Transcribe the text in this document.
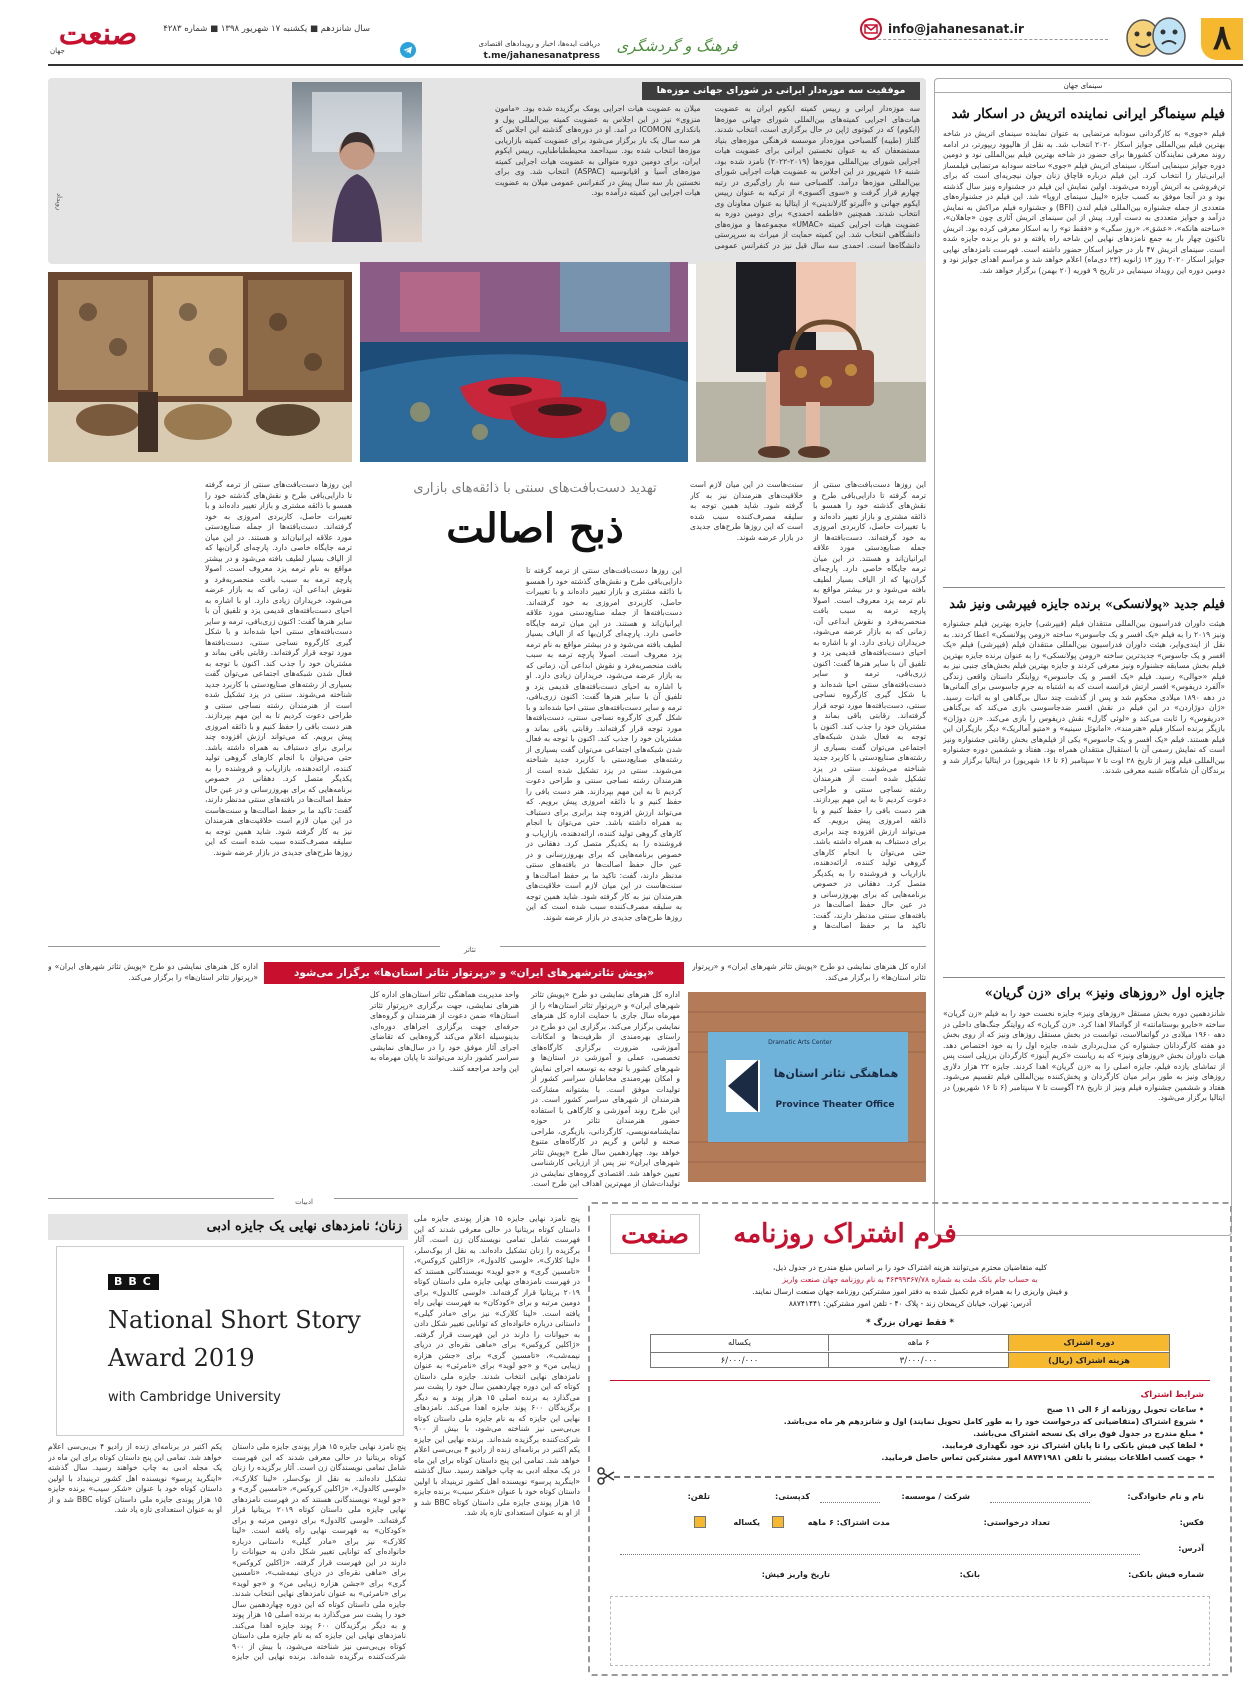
۸
info@jahanesanat.ir
فرهنگ و گردشگری
دریافت ایده‌ها، اخبار و رویدادهای اقتصادی
t.me/jahanesanatpress
سال شانزدهم ■ یکشنبه ۱۷ شهریور ۱۳۹۸ ■ شماره ۴۲۸۳
صنعت
جهان
سینمای جهان
فیلم سینماگر ایرانی نماینده اتریش در اسکار شد
فیلم «جوی» به کارگردانی سودابه مرتضایی به عنوان نماینده سینمای اتریش در شاخه بهترین فیلم بین‌المللی جوایز اسکار ۲۰۲۰ انتخاب شد. به نقل از هالیوود ریپورتر، در ادامه روند معرفی نمایندگان کشورها برای حضور در شاخه بهترین فیلم بین‌المللی نود و دومین دوره جوایز سینمایی اسکار، سینمای اتریش فیلم «جوی» ساخته سودابه مرتضایی فیلمساز ایرانی‌تبار را انتخاب کرد. این فیلم درباره قاچاق زنان جوان نیجریه‌ای است که برای تن‌فروشی به اتریش آورده می‌شوند. اولین نمایش این فیلم در جشنواره ونیز سال گذشته بود و در آنجا موفق به کسب جایزه «لیبل سینمای اروپا» شد. این فیلم در جشنواره‌های متعددی از جمله جشنواره بین‌المللی فیلم لندن (BFI) و جشنواره فیلم مراکش به نمایش درآمد و جوایز متعددی به دست آورد. پیش از این سینمای اتریش آثاری چون «جاهلان»، «ساخته هانکه»، «عشق»، «روز سگی» و «فقط تو» را به اسکار معرفی کرده بود. اتریش تاکنون چهار بار به جمع نامزدهای نهایی این شاخه راه یافته و دو بار برنده جایزه شده است. سینمای اتریش ۴۷ بار در جوایز اسکار حضور داشته است. فهرست نامزدهای نهایی جوایز اسکار ۲۰۲۰ روز ۱۳ ژانویه (۲۳ دی‌ماه) اعلام خواهد شد و مراسم اهدای جوایز نود و دومین دوره این رویداد سینمایی در تاریخ ۹ فوریه (۲۰ بهمن) برگزار خواهد شد.
فیلم جدید «پولانسکی» برنده جایزه فیپرشی ونیز شد
هیئت داوران فدراسیون بین‌المللی منتقدان فیلم (فیپرشی) جایزه بهترین فیلم جشنواره ونیز ۲۰۱۹ را به فیلم «یک افسر و یک جاسوس» ساخته «رومن پولانسکی» اعطا کردند. به نقل از ایندی‌وایر، هیئت داوران فدراسیون بین‌المللی منتقدان فیلم (فیپرشی) فیلم «یک افسر و یک جاسوس» جدیدترین ساخته «رومن پولانسکی» را به عنوان برنده جایزه بهترین فیلم بخش مسابقه جشنواره ونیز معرفی کردند و جایزه بهترین فیلم بخش‌های جنبی نیز به فیلم «حوالی» رسید. فیلم «یک افسر و یک جاسوس» روایتگر داستان واقعی زندگی «آلفرد دریفوس» افسر ارتش فرانسه است که به اشتباه به جرم جاسوسی برای آلمانی‌ها در دهه ۱۸۹۰ میلادی محکوم شد و پس از گذشت چند سال بی‌گناهی او به اثبات رسید. «ژان دوژاردن» در این فیلم در نقش افسر ضدجاسوسی بازی می‌کند که بی‌گناهی «دریفوس» را ثابت می‌کند و «لوئی گارل» نقش دریفوس را بازی می‌کند. «زن دوژان» بازیگر برنده اسکار فیلم «هنرمند»، «امانوئل سینیه» و «متیو آمالریک» دیگر بازیگران این فیلم هستند. فیلم «یک افسر و یک جاسوس» یکی از فیلم‌های بخش رقابتی جشنواره ونیز است که نمایش رسمی آن با استقبال منتقدان همراه بود. هفتاد و ششمین دوره جشنواره بین‌المللی فیلم ونیز از تاریخ ۲۸ اوت تا ۷ سپتامبر (۶ تا ۱۶ شهریور) در ایتالیا برگزار شد و برندگان آن شامگاه شنبه معرفی شدند.
جایزه اول «روزهای ونیز» برای «زن گریان»
شانزدهمین دوره بخش مستقل «روزهای ونیز» جایزه نخست خود را به فیلم «زن گریان» ساخته «خایرو بوستامانته» از گواتمالا اهدا کرد. «زن گریان» که روایتگر جنگ‌های داخلی در دهه ۱۹۶۰ میلادی در گواتمالاست، توانست در بخش مستقل روزهای ونیز که از روی بخش دو هفته کارگردانان جشنواره کن مدل‌برداری شده، جایزه اول را به خود اختصاص دهد. هیات داوران بخش «روزهای ونیز» که به ریاست «کریم آینوز» کارگردان برزیلی است پس از تماشای یازده فیلم، جایزه اصلی را به «زن گریان» اهدا کردند. جایزه ۲۲ هزار دلاری روزهای ونیز به طور برابر میان کارگردان و پخش‌کننده بین‌المللی فیلم تقسیم می‌شود. هفتاد و ششمین جشنواره فیلم ونیز از تاریخ ۲۸ آگوست تا ۷ سپتامبر (۶ تا ۱۶ شهریور) در ایتالیا برگزار می‌شود.
موفقیت سه موزه‌دار ایرانی در شورای جهانی موزه‌ها
سه موزه‌دار ایرانی و رییس کمیته ایکوم ایران به عضویت هیات‌های اجرایی کمیته‌های بین‌المللی شورای جهانی موزه‌ها (ایکوم) که در کیوتوی ژاپن در حال برگزاری است، انتخاب شدند. گلناز (طیبه) گلصباحی موزه‌دار موسسه فرهنگی موزه‌های بنیاد مستضعفان که به عنوان نخستین ایرانی برای عضویت هیات اجرایی شورای بین‌المللی موزه‌ها (۲۰۱۹-۲۰۲۲) نامزد شده بود، شنبه ۱۶ شهریور در این اجلاس به عضویت هیات اجرایی شورای بین‌المللی موزه‌ها درآمد. گلصباحی سه بار رای‌گیری در رتبه چهارم قرار گرفت و «سوی آکسوی» از ترکیه به عنوان رییس ایکوم جهانی و «آلبرتو گارلاندینی» از ایتالیا به عنوان معاونان وی انتخاب شدند. همچنین «فاطمه احمدی» برای دومین دوره به عضویت هیات اجرایی کمیته «UMAC» مجموعه‌ها و موزه‌های دانشگاهی انتخاب شد. این کمیته حمایت از میراث به سرپرستی دانشگاه‌ها است. احمدی سه سال قبل نیز در کنفرانس عمومی میلان به عضویت هیات اجرایی یومک برگزیده شده بود. «مامون منزوی» نیز در این اجلاس به عضویت کمیته بین‌المللی پول و بانکداری ICOMON در آمد. او در دوره‌های گذشته این اجلاس که هر سه سال یک بار برگزار می‌شود برای عضویت کمیته بازاریابی موزه‌ها انتخاب شده بود. سیداحمد محیططباطبایی، رییس ایکوم ایران، برای دومین دوره متوالی به عضویت هیات اجرایی کمیته موزه‌های آسیا و اقیانوسیه (ASPAC) انتخاب شد. وی برای نخستین بار سه سال پیش در کنفرانس عمومی میلان به عضویت هیات اجرایی این کمیته درآمده بود.
رویداد
تهدید دست‌بافت‌های سنتی با ذائقه‌های بازاری
ذبح اصالت
این روزها دست‌بافت‌های سنتی از ترمه گرفته تا دارایی‌بافی طرح و نقش‌های گذشته خود را همسو با ذائقه مشتری و بازار تغییر داده‌اند و با تغییرات حاصل، کاربردی امروزی به خود گرفته‌اند. دست‌بافته‌ها از جمله صنایع‌دستی مورد علاقه ایرانیان‌اند و هستند. در این میان ترمه جایگاه خاصی دارد. پارچه‌ای گران‌بها که از الیاف بسیار لطیف بافته می‌شود و در بیشتر مواقع به نام ترمه یزد معروف است. اصولا پارچه ترمه به سبب بافت منحصربه‌فرد و نقوش ابداعی آن، زمانی که به بازار عرضه می‌شود، خریداران زیادی دارد. او با اشاره به احیای دست‌بافته‌های قدیمی یزد و تلفیق آن با سایر هنرها گفت: اکنون زری‌بافی، ترمه و سایر دست‌بافته‌های سنتی احیا شده‌اند و با شکل گیری کارگروه نساجی سنتی، دست‌بافته‌ها مورد توجه قرار گرفته‌اند. رقابتی باقی بماند و مشتریان خود را جذب کند. اکنون با توجه به فعال شدن شبکه‌های اجتماعی می‌توان گفت بسیاری از رشته‌های صنایع‌دستی با کاربرد جدید شناخته می‌شوند. سنتی در یزد تشکیل شده است از هنرمندان رشته نساجی سنتی و طراحی دعوت کردیم تا به این مهم بپردازند. هنر دست بافی را حفظ کنیم و با ذائقه امروزی پیش برویم. که می‌تواند ارزش افزوده چند برابری برای دستباف به همراه داشته باشد. حتی می‌توان با انجام کارهای گروهی تولید کننده، ارائه‌دهنده، بازاریاب و فروشنده را به یکدیگر متصل کرد. دهقانی در خصوص برنامه‌هایی که برای بهروزرسانی و در عین حال حفظ اصالت‌ها در بافته‌های سنتی مدنظر دارند، گفت: تاکید ما بر حفظ اصالت‌ها و سنت‌هاست در این میان لازم است خلاقیت‌های هنرمندان نیز به کار گرفته شود. شاید همین توجه به سلیقه مصرف‌کننده سبب شده است که این روزها طرح‌های جدیدی در بازار عرضه شوند.
این روزها دست‌بافت‌های سنتی از ترمه گرفته تا دارایی‌بافی طرح و نقش‌های گذشته خود را همسو با ذائقه مشتری و بازار تغییر داده‌اند و با تغییرات حاصل، کاربردی امروزی به خود گرفته‌اند. دست‌بافته‌ها از جمله صنایع‌دستی مورد علاقه ایرانیان‌اند و هستند. در این میان ترمه جایگاه خاصی دارد. پارچه‌ای گران‌بها که از الیاف بسیار لطیف بافته می‌شود و در بیشتر مواقع به نام ترمه یزد معروف است. اصولا پارچه ترمه به سبب بافت منحصربه‌فرد و نقوش ابداعی آن، زمانی که به بازار عرضه می‌شود، خریداران زیادی دارد. او با اشاره به احیای دست‌بافته‌های قدیمی یزد و تلفیق آن با سایر هنرها گفت: اکنون زری‌بافی، ترمه و سایر دست‌بافته‌های سنتی احیا شده‌اند و با شکل گیری کارگروه نساجی سنتی، دست‌بافته‌ها مورد توجه قرار گرفته‌اند. رقابتی باقی بماند و مشتریان خود را جذب کند. اکنون با توجه به فعال شدن شبکه‌های اجتماعی می‌توان گفت بسیاری از رشته‌های صنایع‌دستی با کاربرد جدید شناخته می‌شوند. سنتی در یزد تشکیل شده است از هنرمندان رشته نساجی سنتی و طراحی دعوت کردیم تا به این مهم بپردازند. هنر دست بافی را حفظ کنیم و با ذائقه امروزی پیش برویم. که می‌تواند ارزش افزوده چند برابری برای دستباف به همراه داشته باشد. حتی می‌توان با انجام کارهای گروهی تولید کننده، ارائه‌دهنده، بازاریاب و فروشنده را به یکدیگر متصل کرد. دهقانی در خصوص برنامه‌هایی که برای بهروزرسانی و در عین حال حفظ اصالت‌ها در بافته‌های سنتی مدنظر دارند، گفت: تاکید ما بر حفظ اصالت‌ها و سنت‌هاست در این میان لازم است خلاقیت‌های هنرمندان نیز به کار گرفته شود. شاید همین توجه به سلیقه مصرف‌کننده سبب شده است که این روزها طرح‌های جدیدی در بازار عرضه شوند.
این روزها دست‌بافت‌های سنتی از ترمه گرفته تا دارایی‌بافی طرح و نقش‌های گذشته خود را همسو با ذائقه مشتری و بازار تغییر داده‌اند و با تغییرات حاصل، کاربردی امروزی به خود گرفته‌اند. دست‌بافته‌ها از جمله صنایع‌دستی مورد علاقه ایرانیان‌اند و هستند. در این میان ترمه جایگاه خاصی دارد. پارچه‌ای گران‌بها که از الیاف بسیار لطیف بافته می‌شود و در بیشتر مواقع به نام ترمه یزد معروف است. اصولا پارچه ترمه به سبب بافت منحصربه‌فرد و نقوش ابداعی آن، زمانی که به بازار عرضه می‌شود، خریداران زیادی دارد. او با اشاره به احیای دست‌بافته‌های قدیمی یزد و تلفیق آن با سایر هنرها گفت: اکنون زری‌بافی، ترمه و سایر دست‌بافته‌های سنتی احیا شده‌اند و با شکل گیری کارگروه نساجی سنتی، دست‌بافته‌ها مورد توجه قرار گرفته‌اند. رقابتی باقی بماند و مشتریان خود را جذب کند. اکنون با توجه به فعال شدن شبکه‌های اجتماعی می‌توان گفت بسیاری از رشته‌های صنایع‌دستی با کاربرد جدید شناخته می‌شوند. سنتی در یزد تشکیل شده است از هنرمندان رشته نساجی سنتی و طراحی دعوت کردیم تا به این مهم بپردازند. هنر دست بافی را حفظ کنیم و با ذائقه امروزی پیش برویم. که می‌تواند ارزش افزوده چند برابری برای دستباف به همراه داشته باشد. حتی می‌توان با انجام کارهای گروهی تولید کننده، ارائه‌دهنده، بازاریاب و فروشنده را به یکدیگر متصل کرد. دهقانی در خصوص برنامه‌هایی که برای بهروزرسانی و در عین حال حفظ اصالت‌ها در بافته‌های سنتی مدنظر دارند، گفت: تاکید ما بر حفظ اصالت‌ها و سنت‌هاست در این میان لازم است خلاقیت‌های هنرمندان نیز به کار گرفته شود. شاید همین توجه به سلیقه مصرف‌کننده سبب شده است که این روزها طرح‌های جدیدی در بازار عرضه شوند.
تئاتر
«پویش تئاترشهرهای ایران» و «رپرتوار تئاتر استان‌ها» برگزار می‌شود
Dramatic Arts Center
هماهنگی تئاتر استان‌ها
Province Theater Office
اداره کل هنرهای نمایشی دو طرح «پویش تئاتر شهرهای ایران» و «رپرتوار تئاتر استان‌ها» را برگزار می‌کند.
اداره کل هنرهای نمایشی دو طرح «پویش تئاتر شهرهای ایران» و «رپرتوار تئاتر استان‌ها» را از مهرماه سال جاری با حمایت اداره کل هنرهای نمایشی برگزار می‌کند. برگزاری این دو طرح در راستای بهره‌مندی از ظرفیت‌ها و امکانات آموزشی، ضرورت برگزاری کارگاه‌های تخصصی، عملی و آموزشی در استان‌ها و شهرهای کشور با توجه به توسعه اجرای نمایش و امکان بهره‌مندی مخاطبان سراسر کشور از تولیدات موفق است. با بشتوانه مشارکت هنرمندان از شهرهای سراسر کشور است. در این طرح روند آموزشی و کارگاهی با استفاده حضور هنرمندان تئاتر در حوزه نمایشنامه‌نویسی، کارگردانی، بازیگری، طراحی صحنه و لباس و گریم در کارگاه‌های متنوع خواهد بود. چهاردهمین سال طرح «پویش تئاتر شهرهای ایران» نیز پس از ارزیابی کارشناسی تعیین خواهد شد. اقتصادی گروه‌های نمایشی در تولیدات‌شان از مهم‌ترین اهداف این طرح است. واحد مدیریت هماهنگی تئاتر استان‌های اداره کل هنرهای نمایشی، جهت برگزاری «رپرتوار تئاتر استان‌ها» ضمن دعوت از هنرمندان و گروه‌های حرفه‌ای جهت برگزاری اجراهای دوره‌ای، بدینوسیله اعلام می‌کند گروه‌هایی که تقاضای اجرای آثار موفق خود را در سال‌های نمایشی سراسر کشور دارند می‌توانند تا پایان مهرماه به این واحد مراجعه کنند.
اداره کل هنرهای نمایشی دو طرح «پویش تئاتر شهرهای ایران» و «رپرتوار تئاتر استان‌ها» را برگزار می‌کند.
ادبیات
زنان؛ نامزدهای نهایی یک جایزه ادبی
BBC
National Short Story
Award 2019
with Cambridge University
پنج نامزد نهایی جایزه ۱۵ هزار پوندی جایزه ملی داستان کوتاه بریتانیا در حالی معرفی شدند که این فهرست شامل تمامی نویسندگان زن است. آثار برگزیده را زنان تشکیل داده‌اند. به نقل از بوک‌سلر، «لینا کلارک»، «لوسی کالدول»، «ژاکلین کروکس»، «تامسین گری» و «جو لوید» نویسندگانی هستند که در فهرست نامزدهای نهایی جایزه ملی داستان کوتاه ۲۰۱۹ بریتانیا قرار گرفته‌اند. «لوسی کالدول» برای دومین مرتبه و برای «کودکان» به فهرست نهایی راه یافته است. «لینا کلارک» نیز برای «مادر گیلی» داستانی درباره خانواده‌ای که توانایی تغییر شکل دادن به حیوانات را دارند در این فهرست قرار گرفته. «ژاکلین کروکس» برای «ماهی نقره‌ای در دریای نیمه‌شب»، «تامسین گری» برای «جشن هزاره زیبایی من» و «جو لوید» برای «نامرئی» به عنوان نامزدهای نهایی انتخاب شدند. جایزه ملی داستان کوتاه که این دوره چهاردهمین سال خود را پشت سر می‌گذارد به برنده اصلی ۱۵ هزار پوند و به دیگر برگزیدگان ۶۰۰ پوند جایزه اهدا می‌کند. نامزدهای نهایی این جایزه که به نام جایزه ملی داستان کوتاه بی‌بی‌سی نیز شناخته می‌شود، با بیش از ۹۰۰ شرکت‌کننده برگزیده شده‌اند. برنده نهایی این جایزه یکم اکتبر در برنامه‌ای زنده از رادیو ۴ بی‌بی‌سی اعلام خواهد شد. تمامی این پنج داستان کوتاه برای این ماه در یک مجله ادبی به چاپ خواهند رسید. سال گذشته «اینگرید پرسو» نویسنده اهل کشور ترینیداد با اولین داستان کوتاه خود با عنوان «شکر سیب» برنده جایزه ۱۵ هزار پوندی جایزه ملی داستان کوتاه BBC شد و از او به عنوان استعدادی تازه یاد شد.
پنج نامزد نهایی جایزه ۱۵ هزار پوندی جایزه ملی داستان کوتاه بریتانیا در حالی معرفی شدند که این فهرست شامل تمامی نویسندگان زن است. آثار برگزیده را زنان تشکیل داده‌اند. به نقل از بوک‌سلر، «لینا کلارک»، «لوسی کالدول»، «ژاکلین کروکس»، «تامسین گری» و «جو لوید» نویسندگانی هستند که در فهرست نامزدهای نهایی جایزه ملی داستان کوتاه ۲۰۱۹ بریتانیا قرار گرفته‌اند. «لوسی کالدول» برای دومین مرتبه و برای «کودکان» به فهرست نهایی راه یافته است. «لینا کلارک» نیز برای «مادر گیلی» داستانی درباره خانواده‌ای که توانایی تغییر شکل دادن به حیوانات را دارند در این فهرست قرار گرفته. «ژاکلین کروکس» برای «ماهی نقره‌ای در دریای نیمه‌شب»، «تامسین گری» برای «جشن هزاره زیبایی من» و «جو لوید» برای «نامرئی» به عنوان نامزدهای نهایی انتخاب شدند. جایزه ملی داستان کوتاه که این دوره چهاردهمین سال خود را پشت سر می‌گذارد به برنده اصلی ۱۵ هزار پوند و به دیگر برگزیدگان ۶۰۰ پوند جایزه اهدا می‌کند. نامزدهای نهایی این جایزه که به نام جایزه ملی داستان کوتاه بی‌بی‌سی نیز شناخته می‌شود، با بیش از ۹۰۰ شرکت‌کننده برگزیده شده‌اند. برنده نهایی این جایزه یکم اکتبر در برنامه‌ای زنده از رادیو ۴ بی‌بی‌سی اعلام خواهد شد. تمامی این پنج داستان کوتاه برای این ماه در یک مجله ادبی به چاپ خواهند رسید. سال گذشته «اینگرید پرسو» نویسنده اهل کشور ترینیداد با اولین داستان کوتاه خود با عنوان «شکر سیب» برنده جایزه ۱۵ هزار پوندی جایزه ملی داستان کوتاه BBC شد و از او به عنوان استعدادی تازه یاد شد.
صنعت	فرم اشتراک روزنامه
کلیه متقاضیان محترم می‌توانند هزینه اشتراک خود را بر اساس مبلغ مندرج در جدول ذیل،
به حساب جام بانک ملت به شماره ۴۶۳۹۹۳۶۷/۷۸ به نام روزنامه جهان صنعت واریز
و فیش واریزی را به همراه فرم تکمیل شده به دفتر امور مشترکین روزنامه جهان صنعت ارسال نمایند.
آدرس: تهران، خیابان کریمخان زند - پلاک ۴۰ - تلفن امور مشترکین: ۸۸۷۴۱۴۴۱
* فقط تهران بزرگ *
دوره اشتراک
۶ ماهه
یکساله
هزینه اشتراک (ریال)
۳/۰۰۰/۰۰۰
۶/۰۰۰/۰۰۰
شرایط اشتراک
• ساعات تحویل روزنامه از ۶ الی ۱۱ صبح
• شروع اشتراک (متقاضیانی که درخواست خود را به طور کامل تحویل نمایند) اول و شانزدهم هر ماه می‌باشد.
• مبلغ مندرج در جدول فوق برای یک نسخه اشتراک می‌باشد.
• لطفا کپی فیش بانکی را تا پایان اشتراک نزد خود نگهداری فرمایید.
• جهت کسب اطلاعات بیشتر با تلفن ۸۸۷۴۱۹۸۱ امور مشترکین تماس حاصل فرمایید.
نام و نام خانوادگی:
شرکت / موسسه:
کدپستی:
تلفن:
فکس:
تعداد درخواستی:
مدت اشتراک: ۶ ماهه
یکساله
آدرس:
شماره فیش بانکی:
بانک:
تاریخ واریز فیش:
